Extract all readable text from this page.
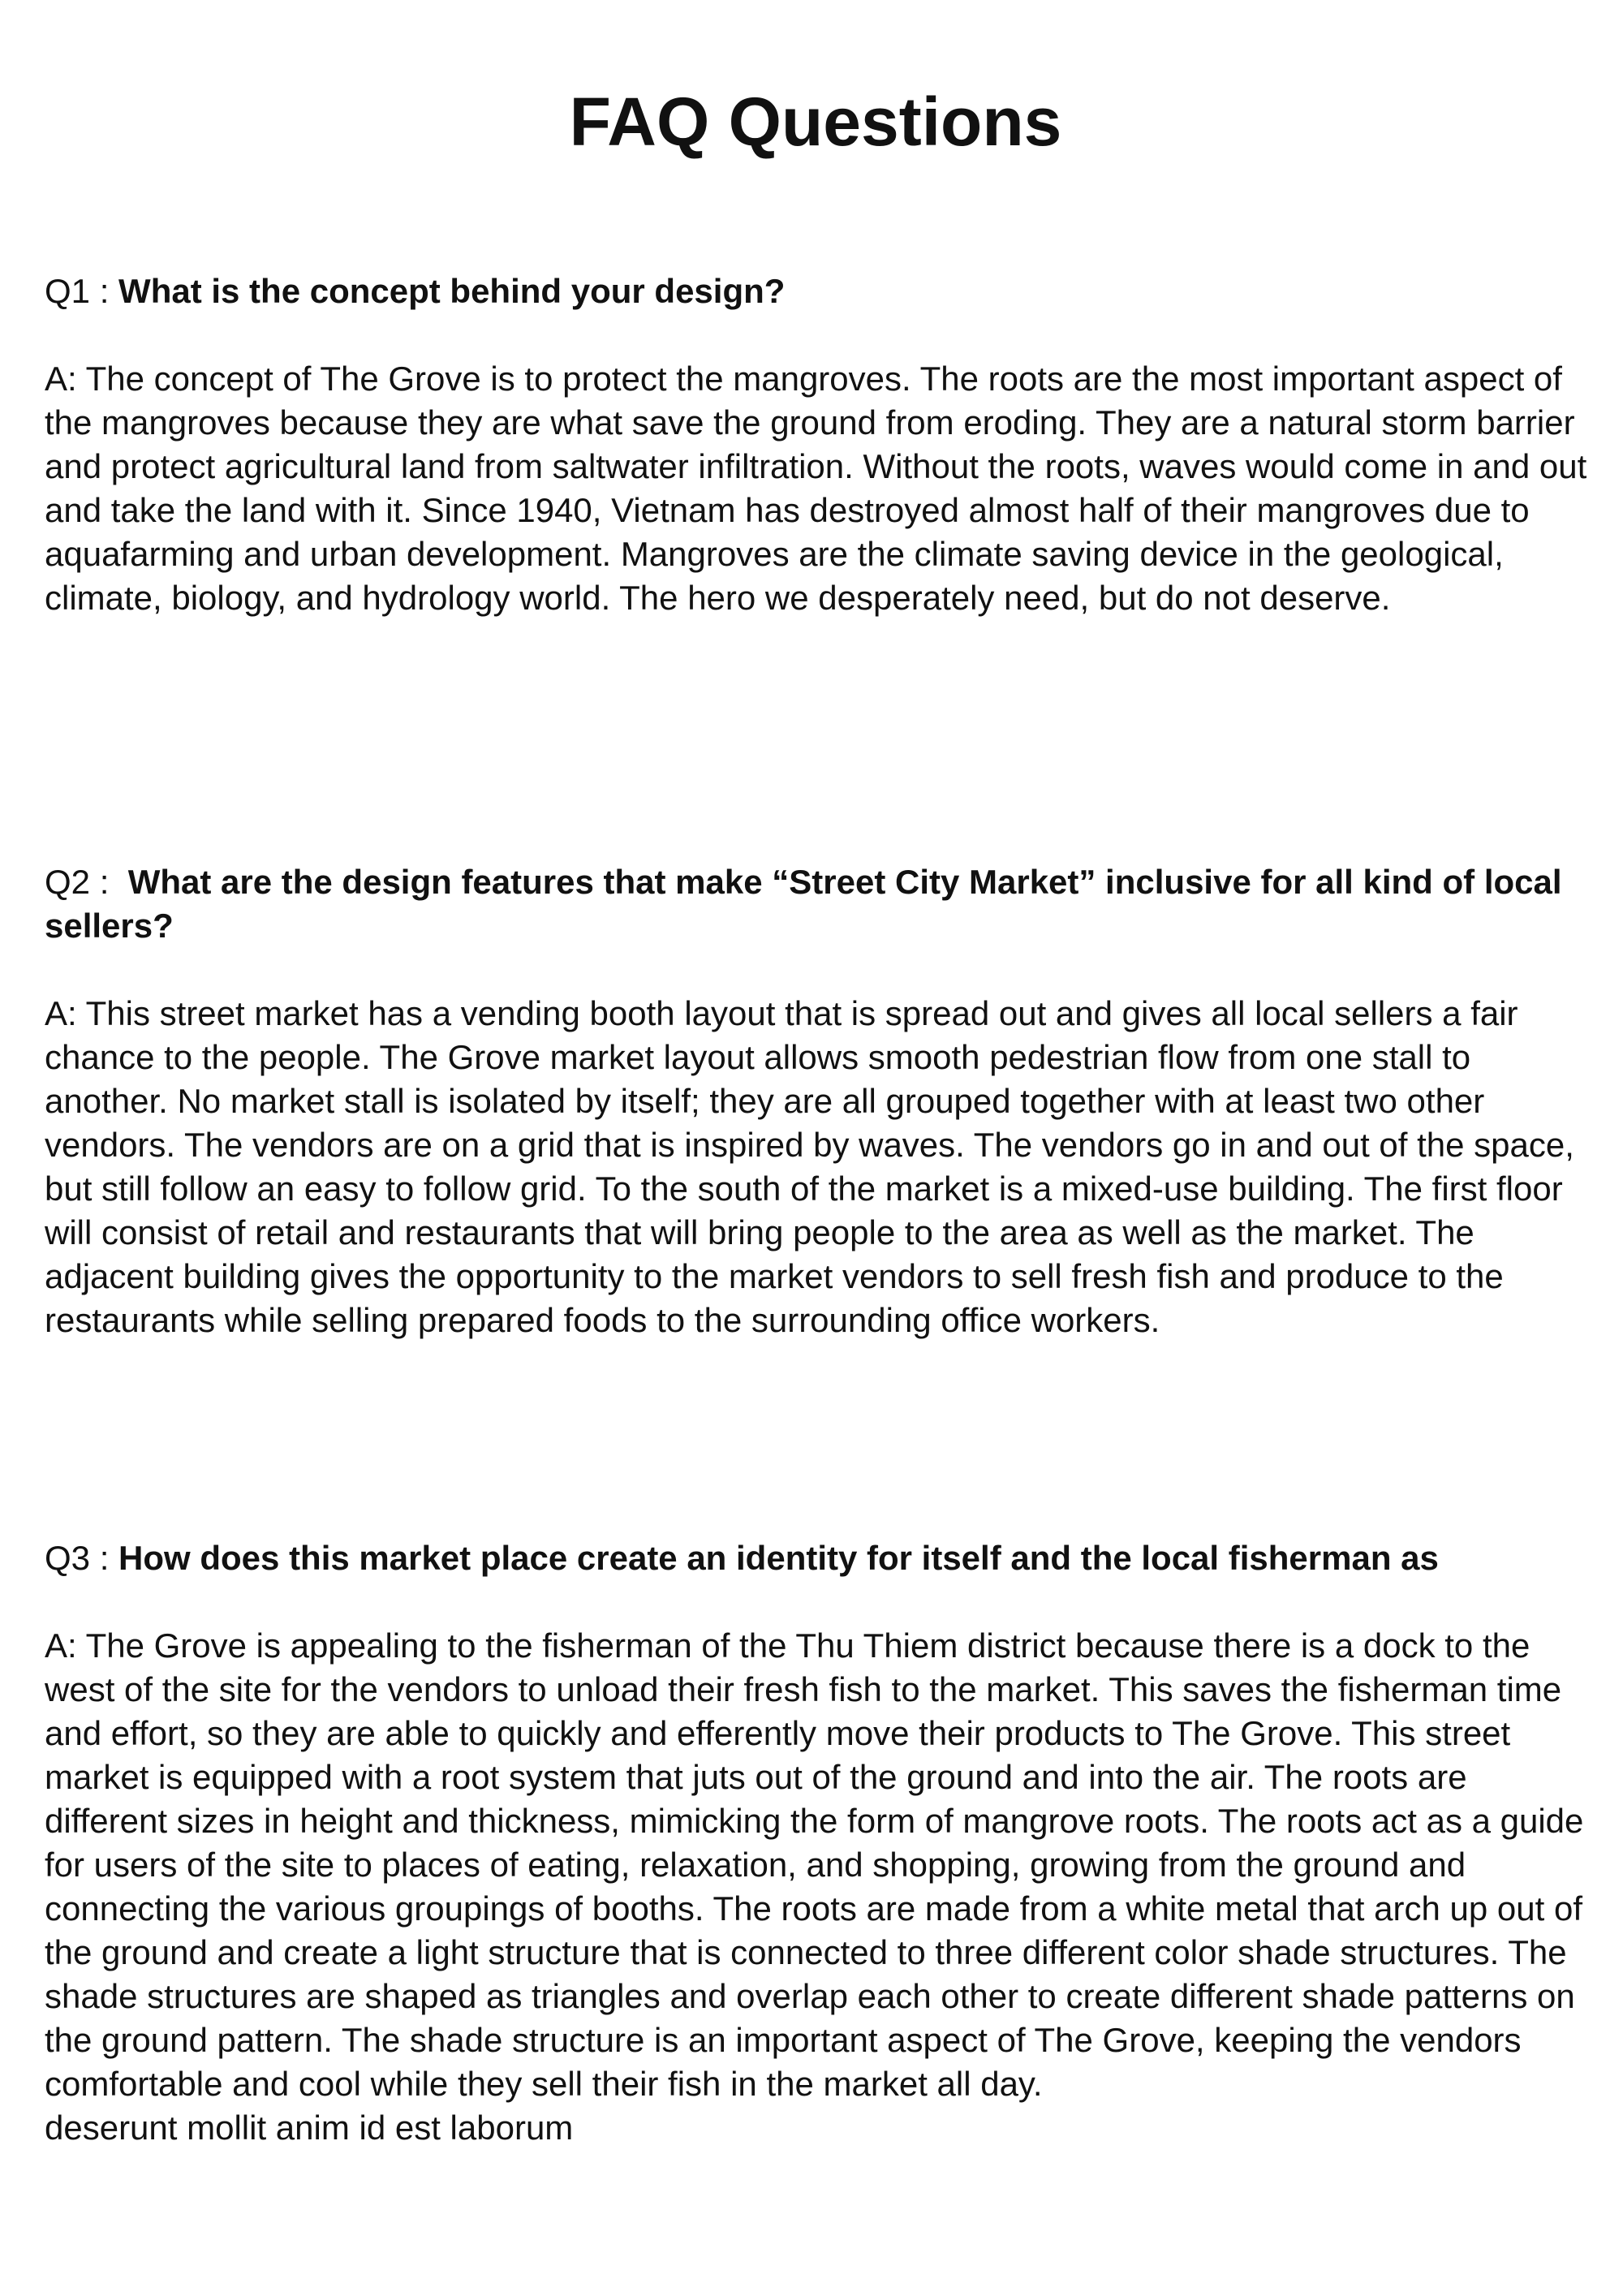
FAQ Questions

Q1 : What is the concept behind your design?

A: The concept of The Grove is to protect the mangroves. The roots are the most important aspect of the mangroves because they are what save the ground from eroding. They are a natural storm barrier and protect agricultural land from saltwater infiltration. Without the roots, waves would come in and out and take the land with it. Since 1940, Vietnam has destroyed almost half of their mangroves due to aquafarming and urban development. Mangroves are the climate saving device in the geological, climate, biology, and hydrology world. The hero we desperately need, but do not deserve.

Q2 : What are the design features that make “Street City Market” inclusive for all kind of local sellers?

A: This street market has a vending booth layout that is spread out and gives all local sellers a fair chance to the people. The Grove market layout allows smooth pedestrian flow from one stall to another. No market stall is isolated by itself; they are all grouped together with at least two other vendors. The vendors are on a grid that is inspired by waves. The vendors go in and out of the space, but still follow an easy to follow grid. To the south of the market is a mixed-use building. The first floor will consist of retail and restaurants that will bring people to the area as well as the market. The adjacent building gives the opportunity to the market vendors to sell fresh fish and produce to the restaurants while selling prepared foods to the surrounding office workers.

Q3 : How does this market place create an identity for itself and the local fisherman as

A: The Grove is appealing to the fisherman of the Thu Thiem district because there is a dock to the west of the site for the vendors to unload their fresh fish to the market. This saves the fisherman time and effort, so they are able to quickly and efferently move their products to The Grove. This street market is equipped with a root system that juts out of the ground and into the air. The roots are different sizes in height and thickness, mimicking the form of mangrove roots. The roots act as a guide for users of the site to places of eating, relaxation, and shopping, growing from the ground and connecting the various groupings of booths. The roots are made from a white metal that arch up out of the ground and create a light structure that is connected to three different color shade structures. The shade structures are shaped as triangles and overlap each other to create different shade patterns on the ground pattern. The shade structure is an important aspect of The Grove, keeping the vendors comfortable and cool while they sell their fish in the market all day.

deserunt mollit anim id est laborum
